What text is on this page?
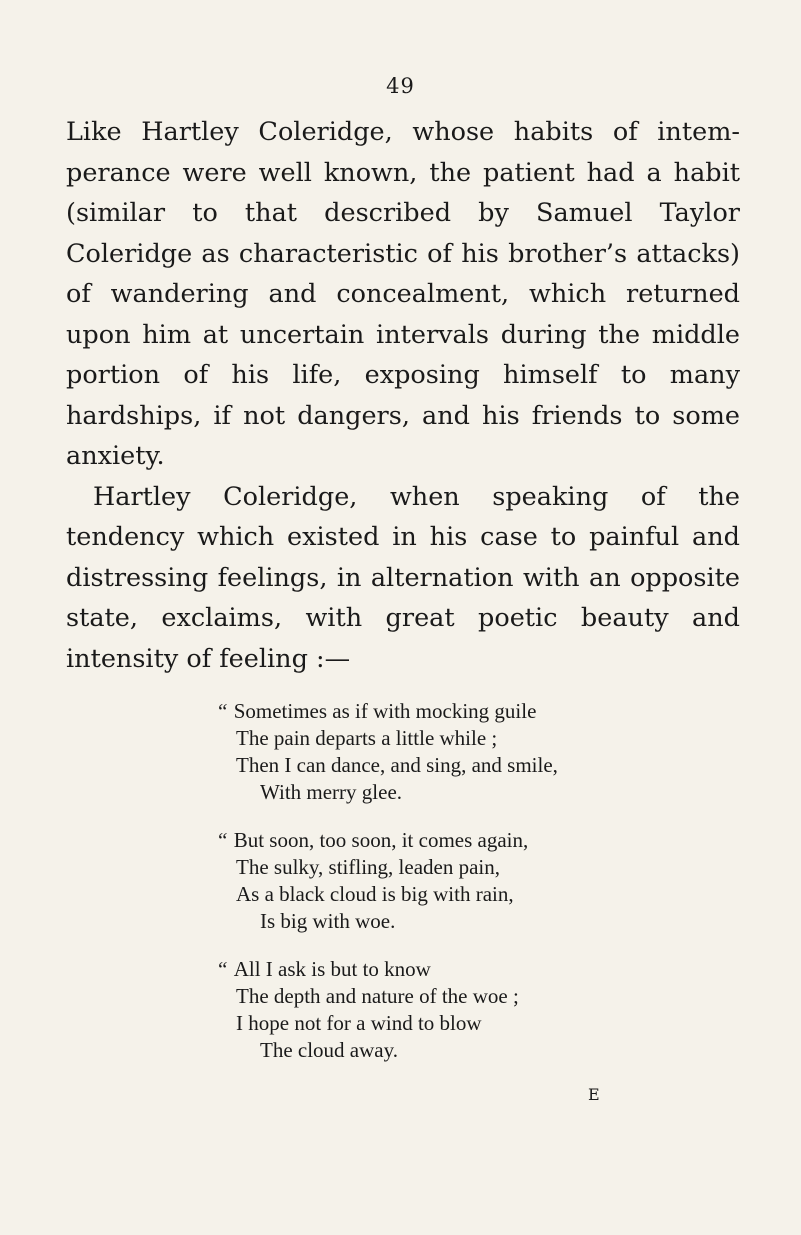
49

Like Hartley Coleridge, whose habits of intem-perance were well known, the patient had a habit (similar to that described by Samuel Taylor Coleridge as characteristic of his brother’s attacks) of wandering and concealment, which returned upon him at uncertain intervals during the middle portion of his life, exposing himself to many hardships, if not dangers, and his friends to some anxiety.

Hartley Coleridge, when speaking of the tendency which existed in his case to painful and distressing feelings, in alternation with an opposite state, exclaims, with great poetic beauty and intensity of feeling :—

“ Sometimes as if with mocking guile
The pain departs a little while ;
Then I can dance, and sing, and smile,
With merry glee.
“ But soon, too soon, it comes again,
The sulky, stifling, leaden pain,
As a black cloud is big with rain,
Is big with woe.
“ All I ask is but to know
The depth and nature of the woe ;
I hope not for a wind to blow
The cloud away.
E
